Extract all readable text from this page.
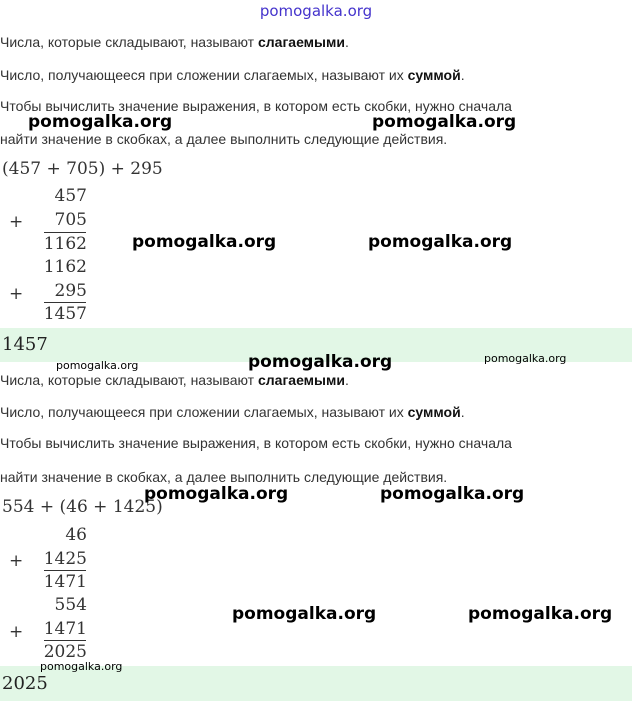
pomogalka.org
Числа, которые складывают, называют слагаемыми.
Число, получающееся при сложении слагаемых, называют их суммой.
Чтобы вычислить значение выражения, в котором есть скобки, нужно сначала
найти значение в скобках, а далее выполнить следующие действия.
(457 + 705) + 295
457
+	705
1162
1162
+	295
1457
1457
Числа, которые складывают, называют слагаемыми.
Число, получающееся при сложении слагаемых, называют их суммой.
Чтобы вычислить значение выражения, в котором есть скобки, нужно сначала
найти значение в скобках, а далее выполнить следующие действия.
554 + (46 + 1425)
46
+	1425
1471
554
+	1471
2025
2025
pomogalka.org	pomogalka.org
pomogalka.org	pomogalka.org
pomogalka.org	pomogalka.org	pomogalka.org
pomogalka.org	pomogalka.org
pomogalka.org	pomogalka.org
pomogalka.org
